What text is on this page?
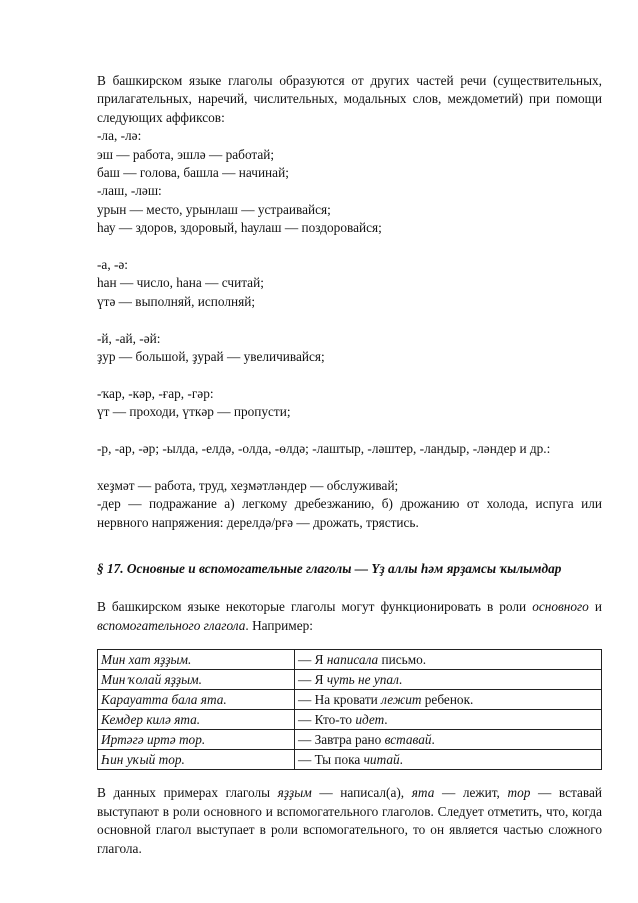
В башкирском языке глаголы образуются от других частей речи (существительных, прилагательных, наречий, числительных, модальных слов, междометий) при помощи следующих аффиксов:

-ла, -лә:

эш — работа, эшлә — работай;

баш — голова, башла — начинай;

-лаш, -ләш:

урын — место, урынлаш — устраивайся;

һау — здоров, здоровый, һаулаш — поздоровайся;

-а, -ә:

һан — число, һана — считай;

үтә — выполняй, исполняй;

-й, -ай, -әй:

ҙур — большой, ҙурай — увеличивайся;

-ҡар, -кәр, -ғар, -гәр:

үт — проходи, үткәр — пропусти;

-р, -ар, -әр; -ылда, -елдә, -олда, -өлдә; -лаштыр, -ләштер, -ландыр, -ләндер и др.:

хеҙмәт — работа, труд, хеҙмәтләндер — обслуживай;

-дер — подражание а) легкому дребезжанию, б) дрожанию от холода, испуга или нервного напряжения: дерелдә/рғә — дрожать, трястись.

§ 17. Основные и вспомогательные глаголы — Үҙ аллы һәм ярҙамсы ҡылымдар

В башкирском языке некоторые глаголы могут функционировать в роли основного и вспомогательного глагола. Например:

Мин хат яҙҙым.	— Я написала письмо.
Мин ҡолай яҙҙым.	— Я чуть не упал.
Карауатта бала ята.	— На кровати лежит ребенок.
Кемдер килә ята.	— Кто-то идет.
Иртәгә иртә тор.	— Завтра рано вставай.
Һин уҡый тор.	— Ты пока читай.

В данных примерах глаголы яҙҙым — написал(а), ята — лежит, тор — вставай выступают в роли основного и вспомогательного глаголов. Следует отметить, что, когда основной глагол выступает в роли вспомогательного, то он является частью сложного глагола.
